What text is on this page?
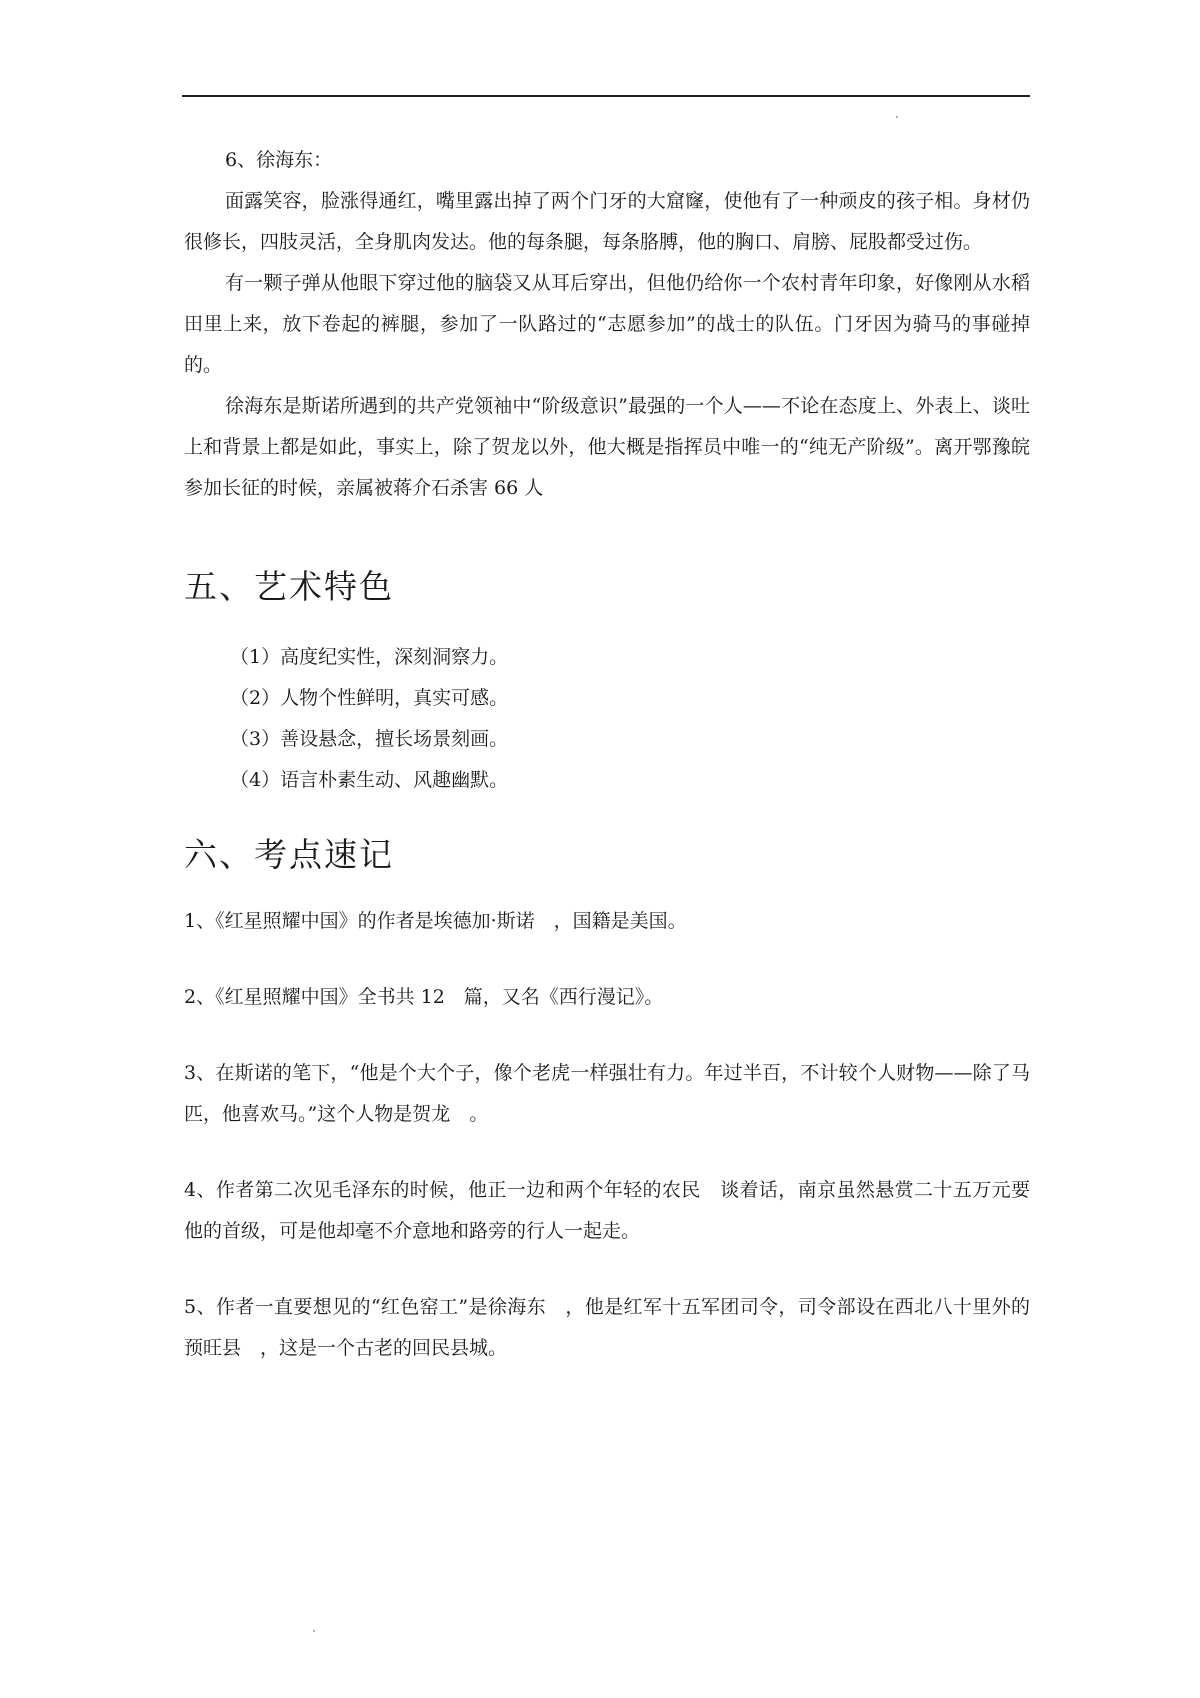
6、徐海东：

面露笑容，脸涨得通红，嘴里露出掉了两个门牙的大窟窿，使他有了一种顽皮的孩子相。身材仍很修长，四肢灵活，全身肌肉发达。他的每条腿，每条胳膊，他的胸口、肩膀、屁股都受过伤。

有一颗子弹从他眼下穿过他的脑袋又从耳后穿出，但他仍给你一个农村青年印象，好像刚从水稻田里上来，放下卷起的裤腿，参加了一队路过的“志愿参加”的战士的队伍。门牙因为骑马的事碰掉的。

徐海东是斯诺所遇到的共产党领袖中“阶级意识”最强的一个人——不论在态度上、外表上、谈吐上和背景上都是如此，事实上，除了贺龙以外，他大概是指挥员中唯一的“纯无产阶级”。离开鄂豫皖参加长征的时候，亲属被蒋介石杀害 66 人

五、艺术特色

（1）高度纪实性，深刻洞察力。

（2）人物个性鲜明，真实可感。

（3）善设悬念，擅长场景刻画。

（4）语言朴素生动、风趣幽默。

六、考点速记

1、《红星照耀中国》的作者是埃德加·斯诺　，国籍是美国。

2、《红星照耀中国》全书共 12　篇，又名《西行漫记》。

3、在斯诺的笔下，“他是个大个子，像个老虎一样强壮有力。年过半百，不计较个人财物——除了马匹，他喜欢马。”这个人物是贺龙　。

4、作者第二次见毛泽东的时候，他正一边和两个年轻的农民　谈着话，南京虽然悬赏二十五万元要他的首级，可是他却毫不介意地和路旁的行人一起走。

5、作者一直要想见的“红色窑工”是徐海东　，他是红军十五军团司令，司令部设在西北八十里外的预旺县　，这是一个古老的回民县城。
